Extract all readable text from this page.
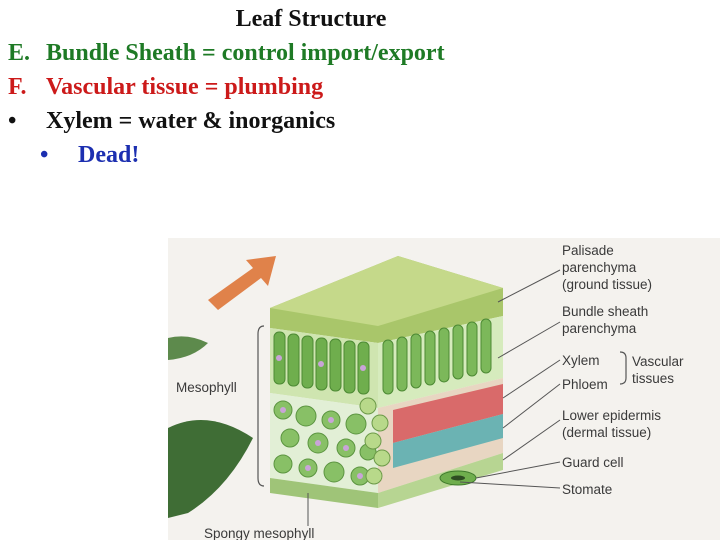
Leaf Structure
E. Bundle Sheath = control import/export
F. Vascular tissue = plumbing
• Xylem = water & inorganics
• Dead!
Palisade
parenchyma
(ground tissue)
Bundle sheath
parenchyma
Xylem
Phloem
Vascular
tissues
Lower epidermis
(dermal tissue)
Guard cell
Stomate
Mesophyll
Spongy mesophyll
